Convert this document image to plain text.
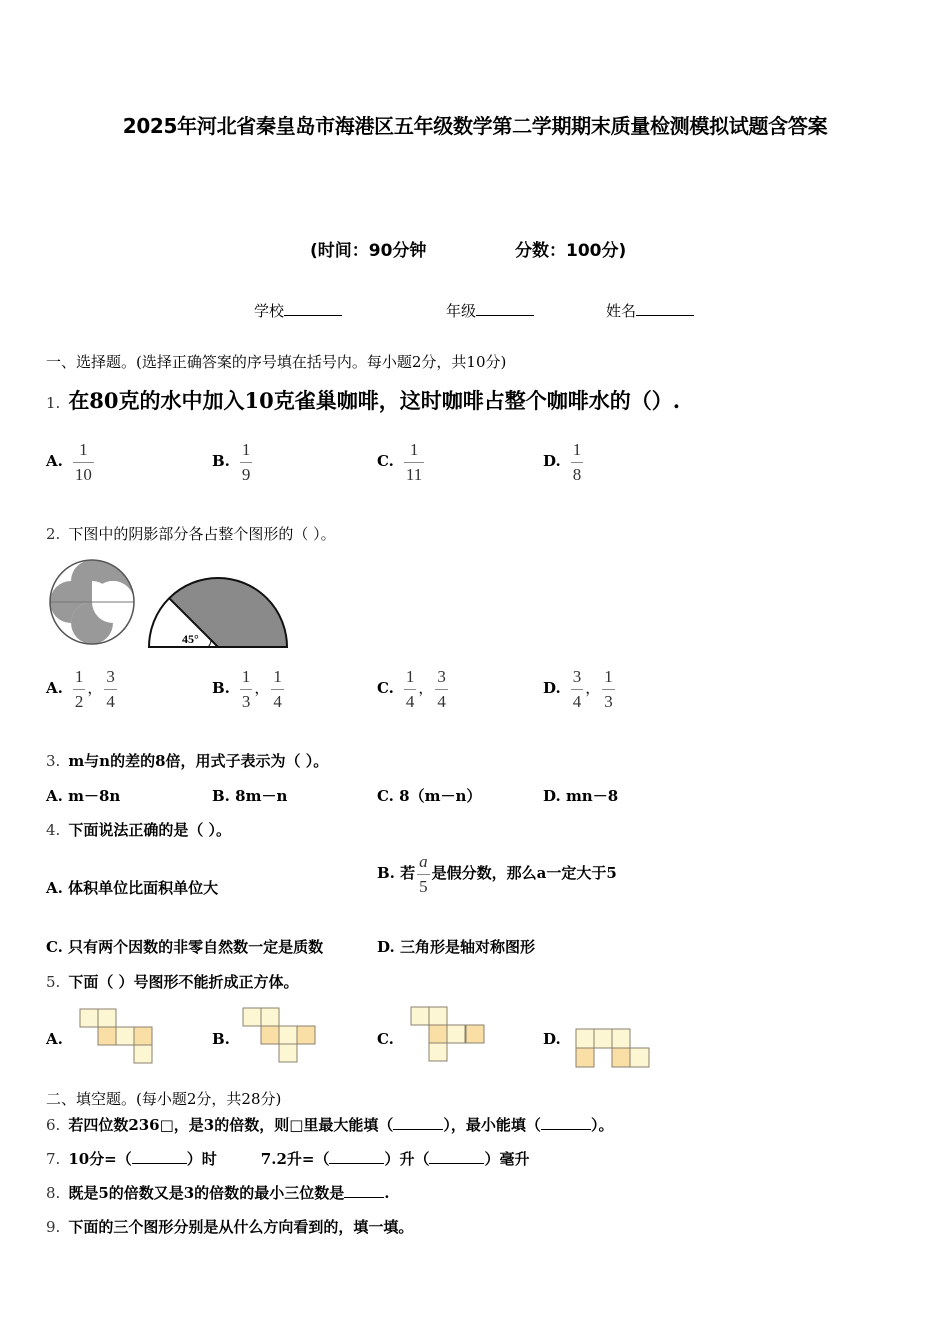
2025年河北省秦皇岛市海港区五年级数学第二学期期末质量检测模拟试题含答案
(时间：90分钟	分数：100分)
学校	年级	姓名
一、选择题。(选择正确答案的序号填在括号内。每小题2分，共10分)
1. 在80克的水中加入10克雀巢咖啡，这时咖啡占整个咖啡水的（）.
A. $\frac{1}{10}$	B. $\frac{1}{9}$	C. $\frac{1}{11}$	D. $\frac{1}{8}$
2. 下图中的阴影部分各占整个图形的（ ）。
45°
A. $\frac{1}{2}$ ， $\frac{3}{4}$	B. $\frac{1}{3}$ ， $\frac{1}{4}$	C. $\frac{1}{4}$ ， $\frac{3}{4}$	D. $\frac{3}{4}$ ， $\frac{1}{3}$
3. m与n的差的8倍，用式子表示为（ ）。
A. m－8n	B. 8m－n	C. 8（m－n）	D. mn－8
4. 下面说法正确的是（ ）。
A. 体积单位比面积单位大
B. 若 $\frac{a}{5}$ 是假分数，那么a一定大于5
C. 只有两个因数的非零自然数一定是质数	D. 三角形是轴对称图形
5. 下面（ ）号图形不能折成正方体。
A.	B.	C.	D.
二、填空题。(每小题2分，共28分)
6. 若四位数236□，是3的倍数，则□里最大能填（	），最小能填（	）。
7. 10分=（	）时	7.2升=（	）升（	）毫升
8. 既是5的倍数又是3的倍数的最小三位数是	.
9. 下面的三个图形分别是从什么方向看到的，填一填。
